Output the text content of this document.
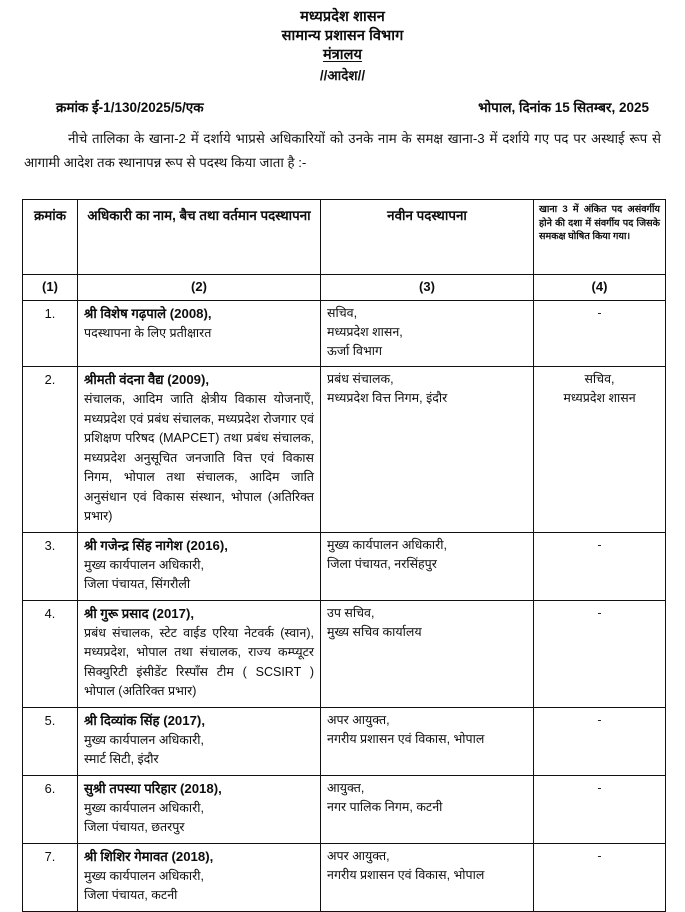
मध्यप्रदेश शासन
सामान्य प्रशासन विभाग
मंत्रालय
//आदेश//
क्रमांक ई-1/130/2025/5/एक	भोपाल, दिनांक 15 सितम्बर, 2025
नीचे तालिका के खाना-2 में दर्शाये भाप्रसे अधिकारियों को उनके नाम के समक्ष खाना-3 में दर्शाये गए पद पर अस्थाई रूप से आगामी आदेश तक स्थानापन्न रूप से पदस्थ किया जाता है :-
क्रमांक	अधिकारी का नाम, बैच तथा वर्तमान पदस्थापना	नवीन पदस्थापना	खाना 3 में अंकित पद असंवर्गीय होने की दशा में संवर्गीय पद जिसके समकक्ष घोषित किया गया।
(1)	(2)	(3)	(4)
1.	श्री विशेष गढ़पाले (2008),
पदस्थापना के लिए प्रतीक्षारत	सचिव,
मध्यप्रदेश शासन,
ऊर्जा विभाग	-

2.	श्रीमती वंदना वैद्य (2009),
संचालक, आदिम जाति क्षेत्रीय विकास योजनाएँ, मध्यप्रदेश एवं प्रबंध संचालक, मध्यप्रदेश रोजगार एवं प्रशिक्षण परिषद (MAPCET) तथा प्रबंध संचालक, मध्यप्रदेश अनुसूचित जनजाति वित्त एवं विकास निगम, भोपाल तथा संचालक, आदिम जाति अनुसंधान एवं विकास संस्थान, भोपाल (अतिरिक्त प्रभार)	प्रबंध संचालक,
मध्यप्रदेश वित्त निगम, इंदौर	सचिव,
मध्यप्रदेश शासन

3.	श्री गजेन्द्र सिंह नागेश (2016),
मुख्य कार्यपालन अधिकारी,
जिला पंचायत, सिंगरौली	मुख्य कार्यपालन अधिकारी,
जिला पंचायत, नरसिंहपुर	-

4.	श्री गुरू प्रसाद (2017),
प्रबंध संचालक, स्टेट वाईड एरिया नेटवर्क (स्वान), मध्यप्रदेश, भोपाल तथा संचालक, राज्य कम्प्यूटर सिक्युरिटी इंसीडेंट रिस्पाँस टीम ( SCSIRT ) भोपाल (अतिरिक्त प्रभार)	उप सचिव,
मुख्य सचिव कार्यालय	-

5.	श्री दिव्यांक सिंह (2017),
मुख्य कार्यपालन अधिकारी,
स्मार्ट सिटी, इंदौर	अपर आयुक्त,
नगरीय प्रशासन एवं विकास, भोपाल	-

6.	सुश्री तपस्या परिहार (2018),
मुख्य कार्यपालन अधिकारी,
जिला पंचायत, छतरपुर	आयुक्त,
नगर पालिक निगम, कटनी	-

7.	श्री शिशिर गेमावत (2018),
मुख्य कार्यपालन अधिकारी,
जिला पंचायत, कटनी	अपर आयुक्त,
नगरीय प्रशासन एवं विकास, भोपाल	-
